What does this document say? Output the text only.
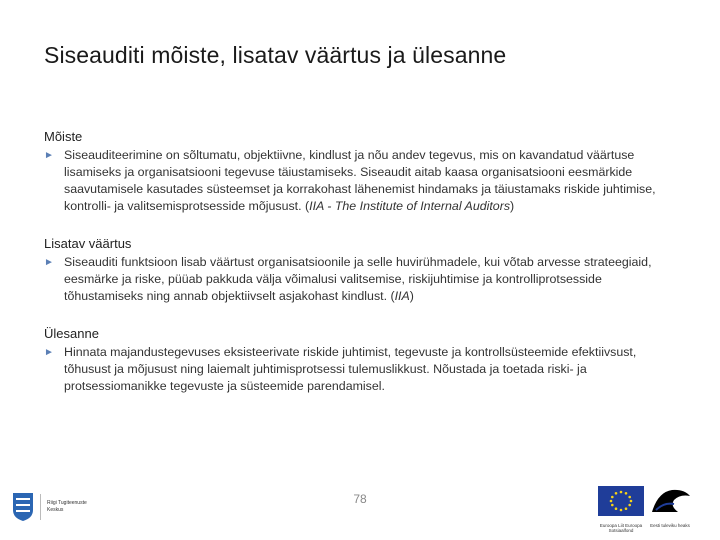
Siseauditi mõiste, lisatav väärtus ja ülesanne
Mõiste
► Siseauditeerimine on sõltumatu, objektiivne, kindlust ja nõu andev tegevus, mis on kavandatud väärtuse lisamiseks ja organisatsiooni tegevuse täiustamiseks. Siseaudit aitab kaasa organisatsiooni eesmärkide saavutamisele kasutades süsteemset ja korrakohast lähenemist hindamaks ja täiustamaks riskide juhtimise, kontrolli- ja valitsemisprotsesside mõjusust. (IIA - The Institute of Internal Auditors)
Lisatav väärtus
► Siseauditi funktsioon lisab väärtust organisatsioonile ja selle huvirühmadele, kui võtab arvesse strateegiaid, eesmärke ja riske, püüab pakkuda välja võimalusi valitsemise, riskijuhtimise ja kontrolliprotsesside tõhustamiseks ning annab objektiivselt asjakohast kindlust. (IIA)
Ülesanne
► Hinnata majandustegevuses eksisteerivate riskide juhtimist, tegevuste ja kontrollsüsteemide efektiivsust, tõhusust ja mõjusust ning laiemalt juhtimisprotsessi tulemuslikkust. Nõustada ja toetada riski- ja protsessiomanikke tegevuste ja süsteemide parendamisel.
78
Riigi Tugiteenuste
Keskus
Euroopa Liit Euroopa Sotsiaalfond
Eesti tuleviku heaks
